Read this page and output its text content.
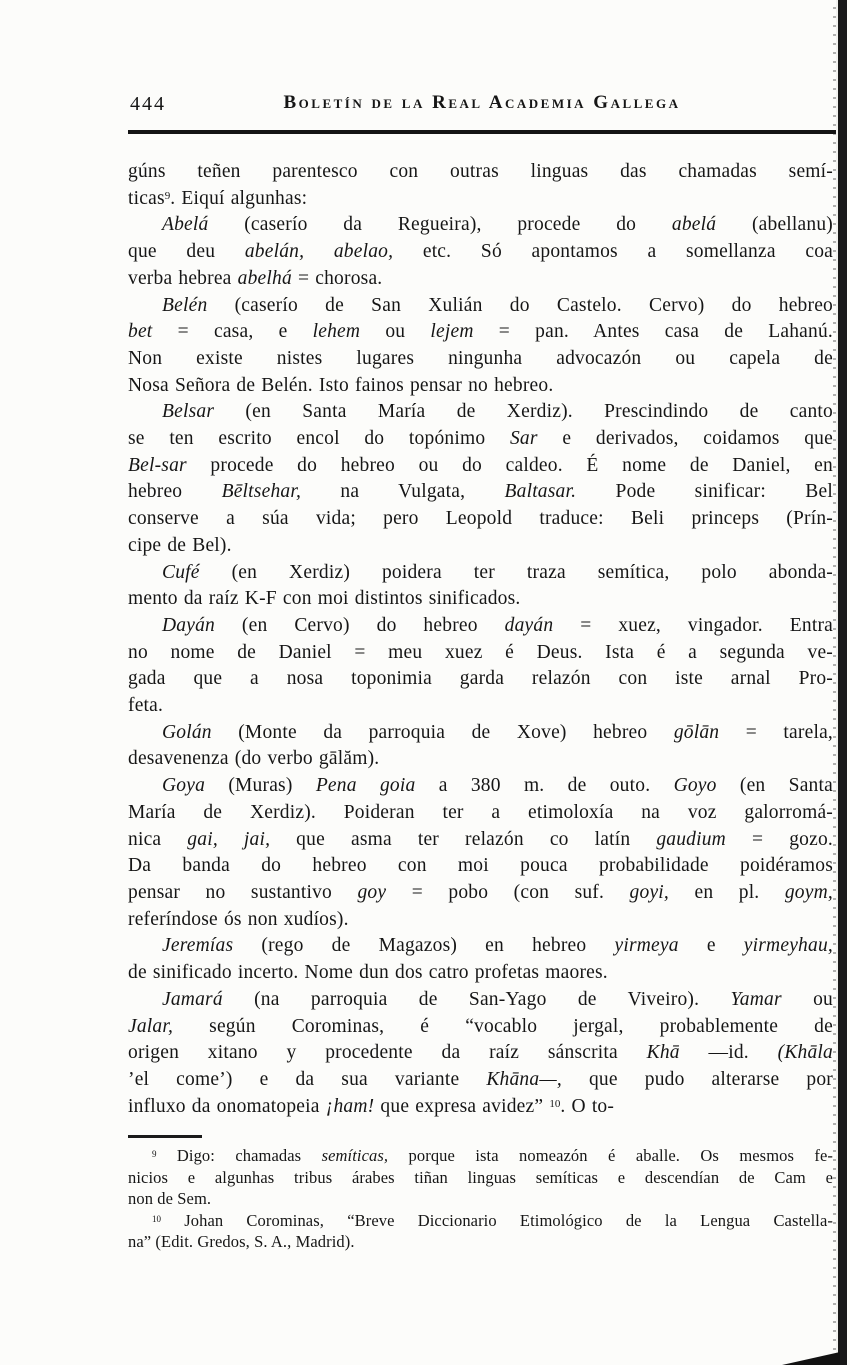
444	Boletín de la Real Academia Gallega
gúns teñen parentesco con outras linguas das chamadas semí-
ticas$^9$. Eiquí algunhas:
Abelá (caserío da Regueira), procede do abelá (abellanu)
que deu abelán, abelao, etc. Só apontamos a somellanza coa
verba hebrea abelhá = chorosa.
Belén (caserío de San Xulián do Castelo. Cervo) do hebreo
bet = casa, e lehem ou lejem = pan. Antes casa de Lahanú.
Non existe nistes lugares ningunha advocazón ou capela de
Nosa Señora de Belén. Isto fainos pensar no hebreo.
Belsar (en Santa María de Xerdiz). Prescindindo de canto
se ten escrito encol do topónimo Sar e derivados, coidamos que
Bel-sar procede do hebreo ou do caldeo. É nome de Daniel, en
hebreo Bēltsehar, na Vulgata, Baltasar. Pode sinificar: Bel
conserve a súa vida; pero Leopold traduce: Beli princeps (Prín-
cipe de Bel).
Cufé (en Xerdiz) poidera ter traza semítica, polo abonda-
mento da raíz K-F con moi distintos sinificados.
Dayán (en Cervo) do hebreo dayán = xuez, vingador. Entra
no nome de Daniel = meu xuez é Deus. Ista é a segunda ve-
gada que a nosa toponimia garda relazón con iste arnal Pro-
feta.
Golán (Monte da parroquia de Xove) hebreo gōlān = tarela,
desavenenza (do verbo gālăm).
Goya (Muras) Pena goia a 380 m. de outo. Goyo (en Santa
María de Xerdiz). Poideran ter a etimoloxía na voz galorromá-
nica gai, jai, que asma ter relazón co latín gaudium = gozo.
Da banda do hebreo con moi pouca probabilidade poidéramos
pensar no sustantivo goy = pobo (con suf. goyi, en pl. goym,
referíndose ós non xudíos).
Jeremías (rego de Magazos) en hebreo yirmeya e yirmeyhau,
de sinificado incerto. Nome dun dos catro profetas maores.
Jamará (na parroquia de San-Yago de Viveiro). Yamar ou
Jalar, según Corominas, é “vocablo jergal, probablemente de
origen xitano y procedente da raíz sánscrita Khā —id. (Khāla
’el come’) e da sua variante Khāna—, que pudo alterarse por
influxo da onomatopeia ¡ham! que expresa avidez” $^{10}$. O to-
$^9$ Digo: chamadas semíticas, porque ista nomeazón é aballe. Os mesmos fe-
nicios e algunhas tribus árabes tiñan linguas semíticas e descendían de Cam e
non de Sem.
$^{10}$ Johan Corominas, “Breve Diccionario Etimológico de la Lengua Castella-
na” (Edit. Gredos, S. A., Madrid).
